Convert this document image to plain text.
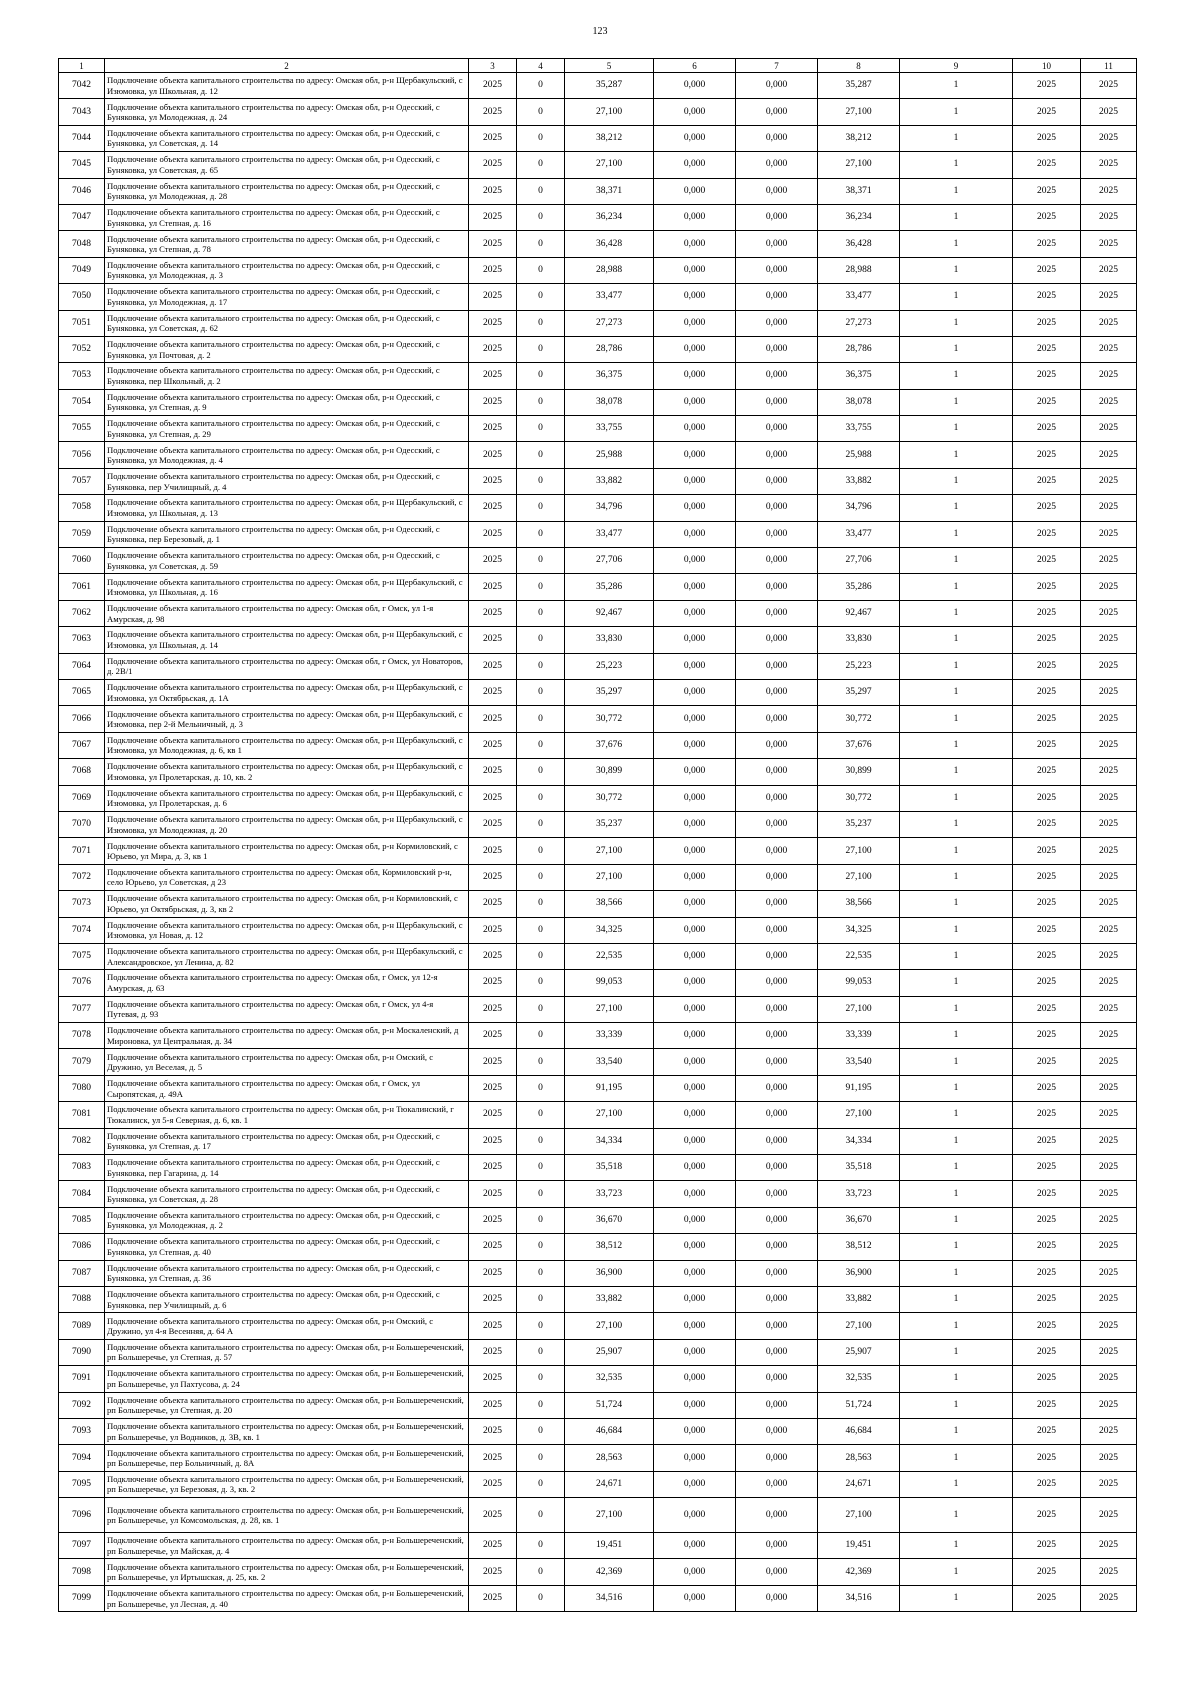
123
1	2	3	4	5	6	7	8	9	10	11
7042	Подключение объекта капитального строительства по адресу: Омская обл, р-н Щербакульский, с Изюмовка, ул Школьная, д. 12	2025	0	35,287	0,000	0,000	35,287	1	2025	2025
7043	Подключение объекта капитального строительства по адресу: Омская обл, р-н Одесский, с Буняковка, ул Молодежная, д. 24	2025	0	27,100	0,000	0,000	27,100	1	2025	2025
7044	Подключение объекта капитального строительства по адресу: Омская обл, р-н Одесский, с Буняковка, ул Советская, д. 14	2025	0	38,212	0,000	0,000	38,212	1	2025	2025
7045	Подключение объекта капитального строительства по адресу: Омская обл, р-н Одесский, с Буняковка, ул Советская, д. 65	2025	0	27,100	0,000	0,000	27,100	1	2025	2025
7046	Подключение объекта капитального строительства по адресу: Омская обл, р-н Одесский, с Буняковка, ул Молодежная, д. 28	2025	0	38,371	0,000	0,000	38,371	1	2025	2025
7047	Подключение объекта капитального строительства по адресу: Омская обл, р-н Одесский, с Буняковка, ул Степная, д. 16	2025	0	36,234	0,000	0,000	36,234	1	2025	2025
7048	Подключение объекта капитального строительства по адресу: Омская обл, р-н Одесский, с Буняковка, ул Степная, д. 78	2025	0	36,428	0,000	0,000	36,428	1	2025	2025
7049	Подключение объекта капитального строительства по адресу: Омская обл, р-н Одесский, с Буняковка, ул Молодежная, д. 3	2025	0	28,988	0,000	0,000	28,988	1	2025	2025
7050	Подключение объекта капитального строительства по адресу: Омская обл, р-н Одесский, с Буняковка, ул Молодежная, д. 17	2025	0	33,477	0,000	0,000	33,477	1	2025	2025
7051	Подключение объекта капитального строительства по адресу: Омская обл, р-н Одесский, с Буняковка, ул Советская, д. 62	2025	0	27,273	0,000	0,000	27,273	1	2025	2025
7052	Подключение объекта капитального строительства по адресу: Омская обл, р-н Одесский, с Буняковка, ул Почтовая, д. 2	2025	0	28,786	0,000	0,000	28,786	1	2025	2025
7053	Подключение объекта капитального строительства по адресу: Омская обл, р-н Одесский, с Буняковка, пер Школьный, д. 2	2025	0	36,375	0,000	0,000	36,375	1	2025	2025
7054	Подключение объекта капитального строительства по адресу: Омская обл, р-н Одесский, с Буняковка, ул Степная, д. 9	2025	0	38,078	0,000	0,000	38,078	1	2025	2025
7055	Подключение объекта капитального строительства по адресу: Омская обл, р-н Одесский, с Буняковка, ул Степная, д. 29	2025	0	33,755	0,000	0,000	33,755	1	2025	2025
7056	Подключение объекта капитального строительства по адресу: Омская обл, р-н Одесский, с Буняковка, ул Молодежная, д. 4	2025	0	25,988	0,000	0,000	25,988	1	2025	2025
7057	Подключение объекта капитального строительства по адресу: Омская обл, р-н Одесский, с Буняковка, пер Училищный, д. 4	2025	0	33,882	0,000	0,000	33,882	1	2025	2025
7058	Подключение объекта капитального строительства по адресу: Омская обл, р-н Щербакульский, с Изюмовка, ул Школьная, д. 13	2025	0	34,796	0,000	0,000	34,796	1	2025	2025
7059	Подключение объекта капитального строительства по адресу: Омская обл, р-н Одесский, с Буняковка, пер Березовый, д. 1	2025	0	33,477	0,000	0,000	33,477	1	2025	2025
7060	Подключение объекта капитального строительства по адресу: Омская обл, р-н Одесский, с Буняковка, ул Советская, д. 59	2025	0	27,706	0,000	0,000	27,706	1	2025	2025
7061	Подключение объекта капитального строительства по адресу: Омская обл, р-н Щербакульский, с Изюмовка, ул Школьная, д. 16	2025	0	35,286	0,000	0,000	35,286	1	2025	2025
7062	Подключение объекта капитального строительства по адресу: Омская обл, г Омск, ул 1-я Амурская, д. 98	2025	0	92,467	0,000	0,000	92,467	1	2025	2025
7063	Подключение объекта капитального строительства по адресу: Омская обл, р-н Щербакульский, с Изюмовка, ул Школьная, д. 14	2025	0	33,830	0,000	0,000	33,830	1	2025	2025
7064	Подключение объекта капитального строительства по адресу: Омская обл, г Омск, ул Новаторов, д. 2В/1	2025	0	25,223	0,000	0,000	25,223	1	2025	2025
7065	Подключение объекта капитального строительства по адресу: Омская обл, р-н Щербакульский, с Изюмовка, ул Октябрьская, д. 1А	2025	0	35,297	0,000	0,000	35,297	1	2025	2025
7066	Подключение объекта капитального строительства по адресу: Омская обл, р-н Щербакульский, с Изюмовка, пер 2-й Мельничный, д. 3	2025	0	30,772	0,000	0,000	30,772	1	2025	2025
7067	Подключение объекта капитального строительства по адресу: Омская обл, р-н Щербакульский, с Изюмовка, ул Молодежная, д. 6, кв 1	2025	0	37,676	0,000	0,000	37,676	1	2025	2025
7068	Подключение объекта капитального строительства по адресу: Омская обл, р-н Щербакульский, с Изюмовка, ул Пролетарская, д. 10, кв. 2	2025	0	30,899	0,000	0,000	30,899	1	2025	2025
7069	Подключение объекта капитального строительства по адресу: Омская обл, р-н Щербакульский, с Изюмовка, ул Пролетарская, д. 6	2025	0	30,772	0,000	0,000	30,772	1	2025	2025
7070	Подключение объекта капитального строительства по адресу: Омская обл, р-н Щербакульский, с Изюмовка, ул Молодежная, д. 20	2025	0	35,237	0,000	0,000	35,237	1	2025	2025
7071	Подключение объекта капитального строительства по адресу: Омская обл, р-н Кормиловский, с Юрьево, ул Мира, д. 3, кв 1	2025	0	27,100	0,000	0,000	27,100	1	2025	2025
7072	Подключение объекта капитального строительства по адресу: Омская обл, Кормиловский р-н, село Юрьево, ул Советская, д 23	2025	0	27,100	0,000	0,000	27,100	1	2025	2025
7073	Подключение объекта капитального строительства по адресу: Омская обл, р-н Кормиловский, с Юрьево, ул Октябрьская, д. 3, кв 2	2025	0	38,566	0,000	0,000	38,566	1	2025	2025
7074	Подключение объекта капитального строительства по адресу: Омская обл, р-н Щербакульский, с Изюмовка, ул Новая, д. 12	2025	0	34,325	0,000	0,000	34,325	1	2025	2025
7075	Подключение объекта капитального строительства по адресу: Омская обл, р-н Щербакульский, с Александровское, ул Ленина, д. 82	2025	0	22,535	0,000	0,000	22,535	1	2025	2025
7076	Подключение объекта капитального строительства по адресу: Омская обл, г Омск, ул 12-я Амурская, д. 63	2025	0	99,053	0,000	0,000	99,053	1	2025	2025
7077	Подключение объекта капитального строительства по адресу: Омская обл, г Омск, ул 4-я Путевая, д. 93	2025	0	27,100	0,000	0,000	27,100	1	2025	2025
7078	Подключение объекта капитального строительства по адресу: Омская обл, р-н Москаленский, д Мироновка, ул Центральная, д. 34	2025	0	33,339	0,000	0,000	33,339	1	2025	2025
7079	Подключение объекта капитального строительства по адресу: Омская обл, р-н Омский, с Дружино, ул Веселая, д. 5	2025	0	33,540	0,000	0,000	33,540	1	2025	2025
7080	Подключение объекта капитального строительства по адресу: Омская обл, г Омск, ул Сыропятская, д. 49А	2025	0	91,195	0,000	0,000	91,195	1	2025	2025
7081	Подключение объекта капитального строительства по адресу: Омская обл, р-н Тюкалинский, г Тюкалинск, ул 5-я Северная, д. 6, кв. 1	2025	0	27,100	0,000	0,000	27,100	1	2025	2025
7082	Подключение объекта капитального строительства по адресу: Омская обл, р-н Одесский, с Буняковка, ул Степная, д. 17	2025	0	34,334	0,000	0,000	34,334	1	2025	2025
7083	Подключение объекта капитального строительства по адресу: Омская обл, р-н Одесский, с Буняковка, пер Гагарина, д. 14	2025	0	35,518	0,000	0,000	35,518	1	2025	2025
7084	Подключение объекта капитального строительства по адресу: Омская обл, р-н Одесский, с Буняковка, ул Советская, д. 28	2025	0	33,723	0,000	0,000	33,723	1	2025	2025
7085	Подключение объекта капитального строительства по адресу: Омская обл, р-н Одесский, с Буняковка, ул Молодежная, д. 2	2025	0	36,670	0,000	0,000	36,670	1	2025	2025
7086	Подключение объекта капитального строительства по адресу: Омская обл, р-н Одесский, с Буняковка, ул Степная, д. 40	2025	0	38,512	0,000	0,000	38,512	1	2025	2025
7087	Подключение объекта капитального строительства по адресу: Омская обл, р-н Одесский, с Буняковка, ул Степная, д. 36	2025	0	36,900	0,000	0,000	36,900	1	2025	2025
7088	Подключение объекта капитального строительства по адресу: Омская обл, р-н Одесский, с Буняковка, пер Училищный, д. 6	2025	0	33,882	0,000	0,000	33,882	1	2025	2025
7089	Подключение объекта капитального строительства по адресу: Омская обл, р-н Омский, с Дружино, ул 4-я Весенняя, д. 64 А	2025	0	27,100	0,000	0,000	27,100	1	2025	2025
7090	Подключение объекта капитального строительства по адресу: Омская обл, р-н Большереченский, рп Большеречье, ул Степная, д. 57	2025	0	25,907	0,000	0,000	25,907	1	2025	2025
7091	Подключение объекта капитального строительства по адресу: Омская обл, р-н Большереченский, рп Большеречье, ул Пахтусова, д. 24	2025	0	32,535	0,000	0,000	32,535	1	2025	2025
7092	Подключение объекта капитального строительства по адресу: Омская обл, р-н Большереченский, рп Большеречье, ул Степная, д. 20	2025	0	51,724	0,000	0,000	51,724	1	2025	2025
7093	Подключение объекта капитального строительства по адресу: Омская обл, р-н Большереченский, рп Большеречье, ул Водников, д. 3В, кв. 1	2025	0	46,684	0,000	0,000	46,684	1	2025	2025
7094	Подключение объекта капитального строительства по адресу: Омская обл, р-н Большереченский, рп Большеречье, пер Больничный, д. 8А	2025	0	28,563	0,000	0,000	28,563	1	2025	2025
7095	Подключение объекта капитального строительства по адресу: Омская обл, р-н Большереченский, рп Большеречье, ул Березовая, д. 3, кв. 2	2025	0	24,671	0,000	0,000	24,671	1	2025	2025
7096	Подключение объекта капитального строительства по адресу: Омская обл, р-н Большереченский, рп Большеречье, ул Комсомольская, д. 28, кв. 1	2025	0	27,100	0,000	0,000	27,100	1	2025	2025
7097	Подключение объекта капитального строительства по адресу: Омская обл, р-н Большереченский, рп Большеречье, ул Майская, д. 4	2025	0	19,451	0,000	0,000	19,451	1	2025	2025
7098	Подключение объекта капитального строительства по адресу: Омская обл, р-н Большереченский, рп Большеречье, ул Иртышская, д. 25, кв. 2	2025	0	42,369	0,000	0,000	42,369	1	2025	2025
7099	Подключение объекта капитального строительства по адресу: Омская обл, р-н Большереченский, рп Большеречье, ул Лесная, д. 40	2025	0	34,516	0,000	0,000	34,516	1	2025	2025
